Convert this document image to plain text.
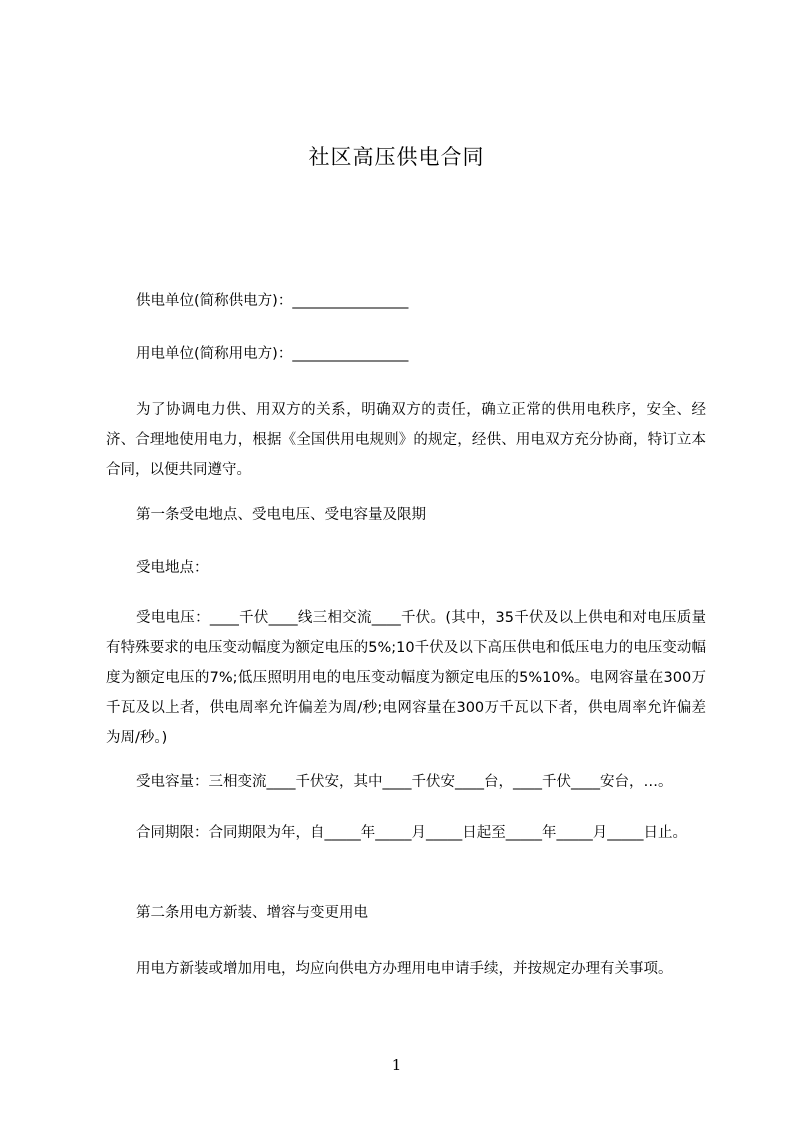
社区高压供电合同
供电单位(简称供电方)：________________
用电单位(简称用电方)：________________
为了协调电力供、用双方的关系，明确双方的责任，确立正常的供用电秩序，安全、经济、合理地使用电力，根据《全国供用电规则》的规定，经供、用电双方充分协商，特订立本合同，以便共同遵守。
第一条受电地点、受电电压、受电容量及限期
受电地点：
受电电压：____千伏____线三相交流____千伏。(其中，35千伏及以上供电和对电压质量有特殊要求的电压变动幅度为额定电压的5%;10千伏及以下高压供电和低压电力的电压变动幅度为额定电压的7%;低压照明用电的电压变动幅度为额定电压的5%10%。电网容量在300万千瓦及以上者，供电周率允许偏差为周/秒;电网容量在300万千瓦以下者，供电周率允许偏差为周/秒。)
受电容量：三相变流____千伏安，其中____千伏安____台，____千伏____安台，…。
合同期限：合同期限为年，自_____年_____月_____日起至_____年_____月_____日止。
第二条用电方新装、增容与变更用电
用电方新装或增加用电，均应向供电方办理用电申请手续，并按规定办理有关事项。
1
